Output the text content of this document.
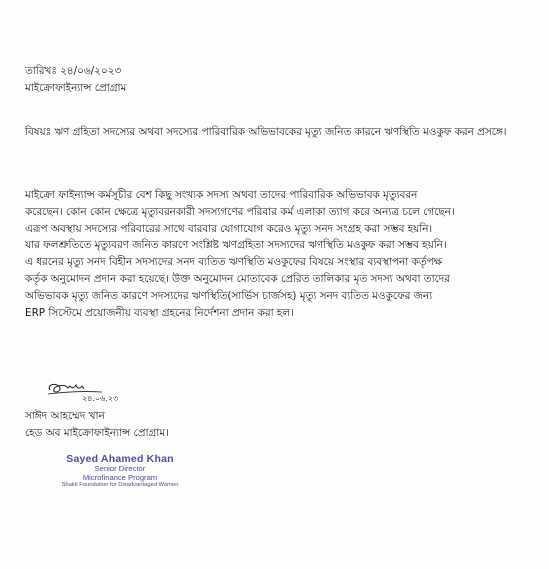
তারিখঃ ২৪/০৬/২০২৩
মাইক্রোফাইন্যান্স প্রোগ্রাম
বিষয়ঃ ঋণ গ্রহিতা সদস্যের অথবা সদস্যের পারিবারিক অভিভাবকের মৃত্যু জনিত কারনে ঋণস্থিতি মওকুফ করন প্রসঙ্গে।
মাইক্রো ফাইন্যান্স কর্মসূচীর বেশ কিছু সংখ্যক সদস্য অথবা তাদের পারিবারিক অভিভাবক মৃত্যুবরন
করেছেন। কোন কোন ক্ষেত্রে মৃত্যুবরনকারী সদস্যগণের পরিবার কর্ম এলাকা ত্যাগ করে অন্যত্র চলে গেছেন।
এরূপ অবস্থায় সদস্যের পরিবারের সাথে বারবার যোগাযোগ করেও মৃত্যু সনদ সংগ্রহ করা সম্ভব হয়নি।
যার ফলশ্রুতিতে মৃত্যুবরণ জনিত কারণে সংশ্লিষ্ট ঋণগ্রহিতা সদস্যদের ঋণস্থিতি মওকুফ করা সম্ভব হয়নি।
এ ধরনের মৃত্যু সনদ বিহীন সদস্যদের সনদ ব্যতিত ঋণস্থিতি মওকুফের বিষয়ে সংস্থার ব্যবস্থাপনা কর্তৃপক্ষ
কর্তৃক অনুমোদন প্রদান করা হয়েছে। উক্ত অনুমোদন মোতাবেক প্রেরিত তালিকার মৃত সদস্য অথবা তাদের
অভিভাবক মৃত্যু জনিত কারণে সদস্যদের ঋণস্থিতি(সার্ভিস চার্জসহ) মৃত্যু সনদ ব্যতিত মওকুফের জন্য
ERP সিস্টেমে প্রয়োজনীয় ব্যবস্থা গ্রহনের নির্দেশনা প্রদান করা হল।
২৪.০৬.২৩
সাঈদ আহম্মেদ খান
হেড অব মাইক্রোফাইন্যান্স প্রোগ্রাম।
Sayed Ahamed Khan
Senior Director
Microfinance Program
Shakti Foundation for Disadvantaged Women
